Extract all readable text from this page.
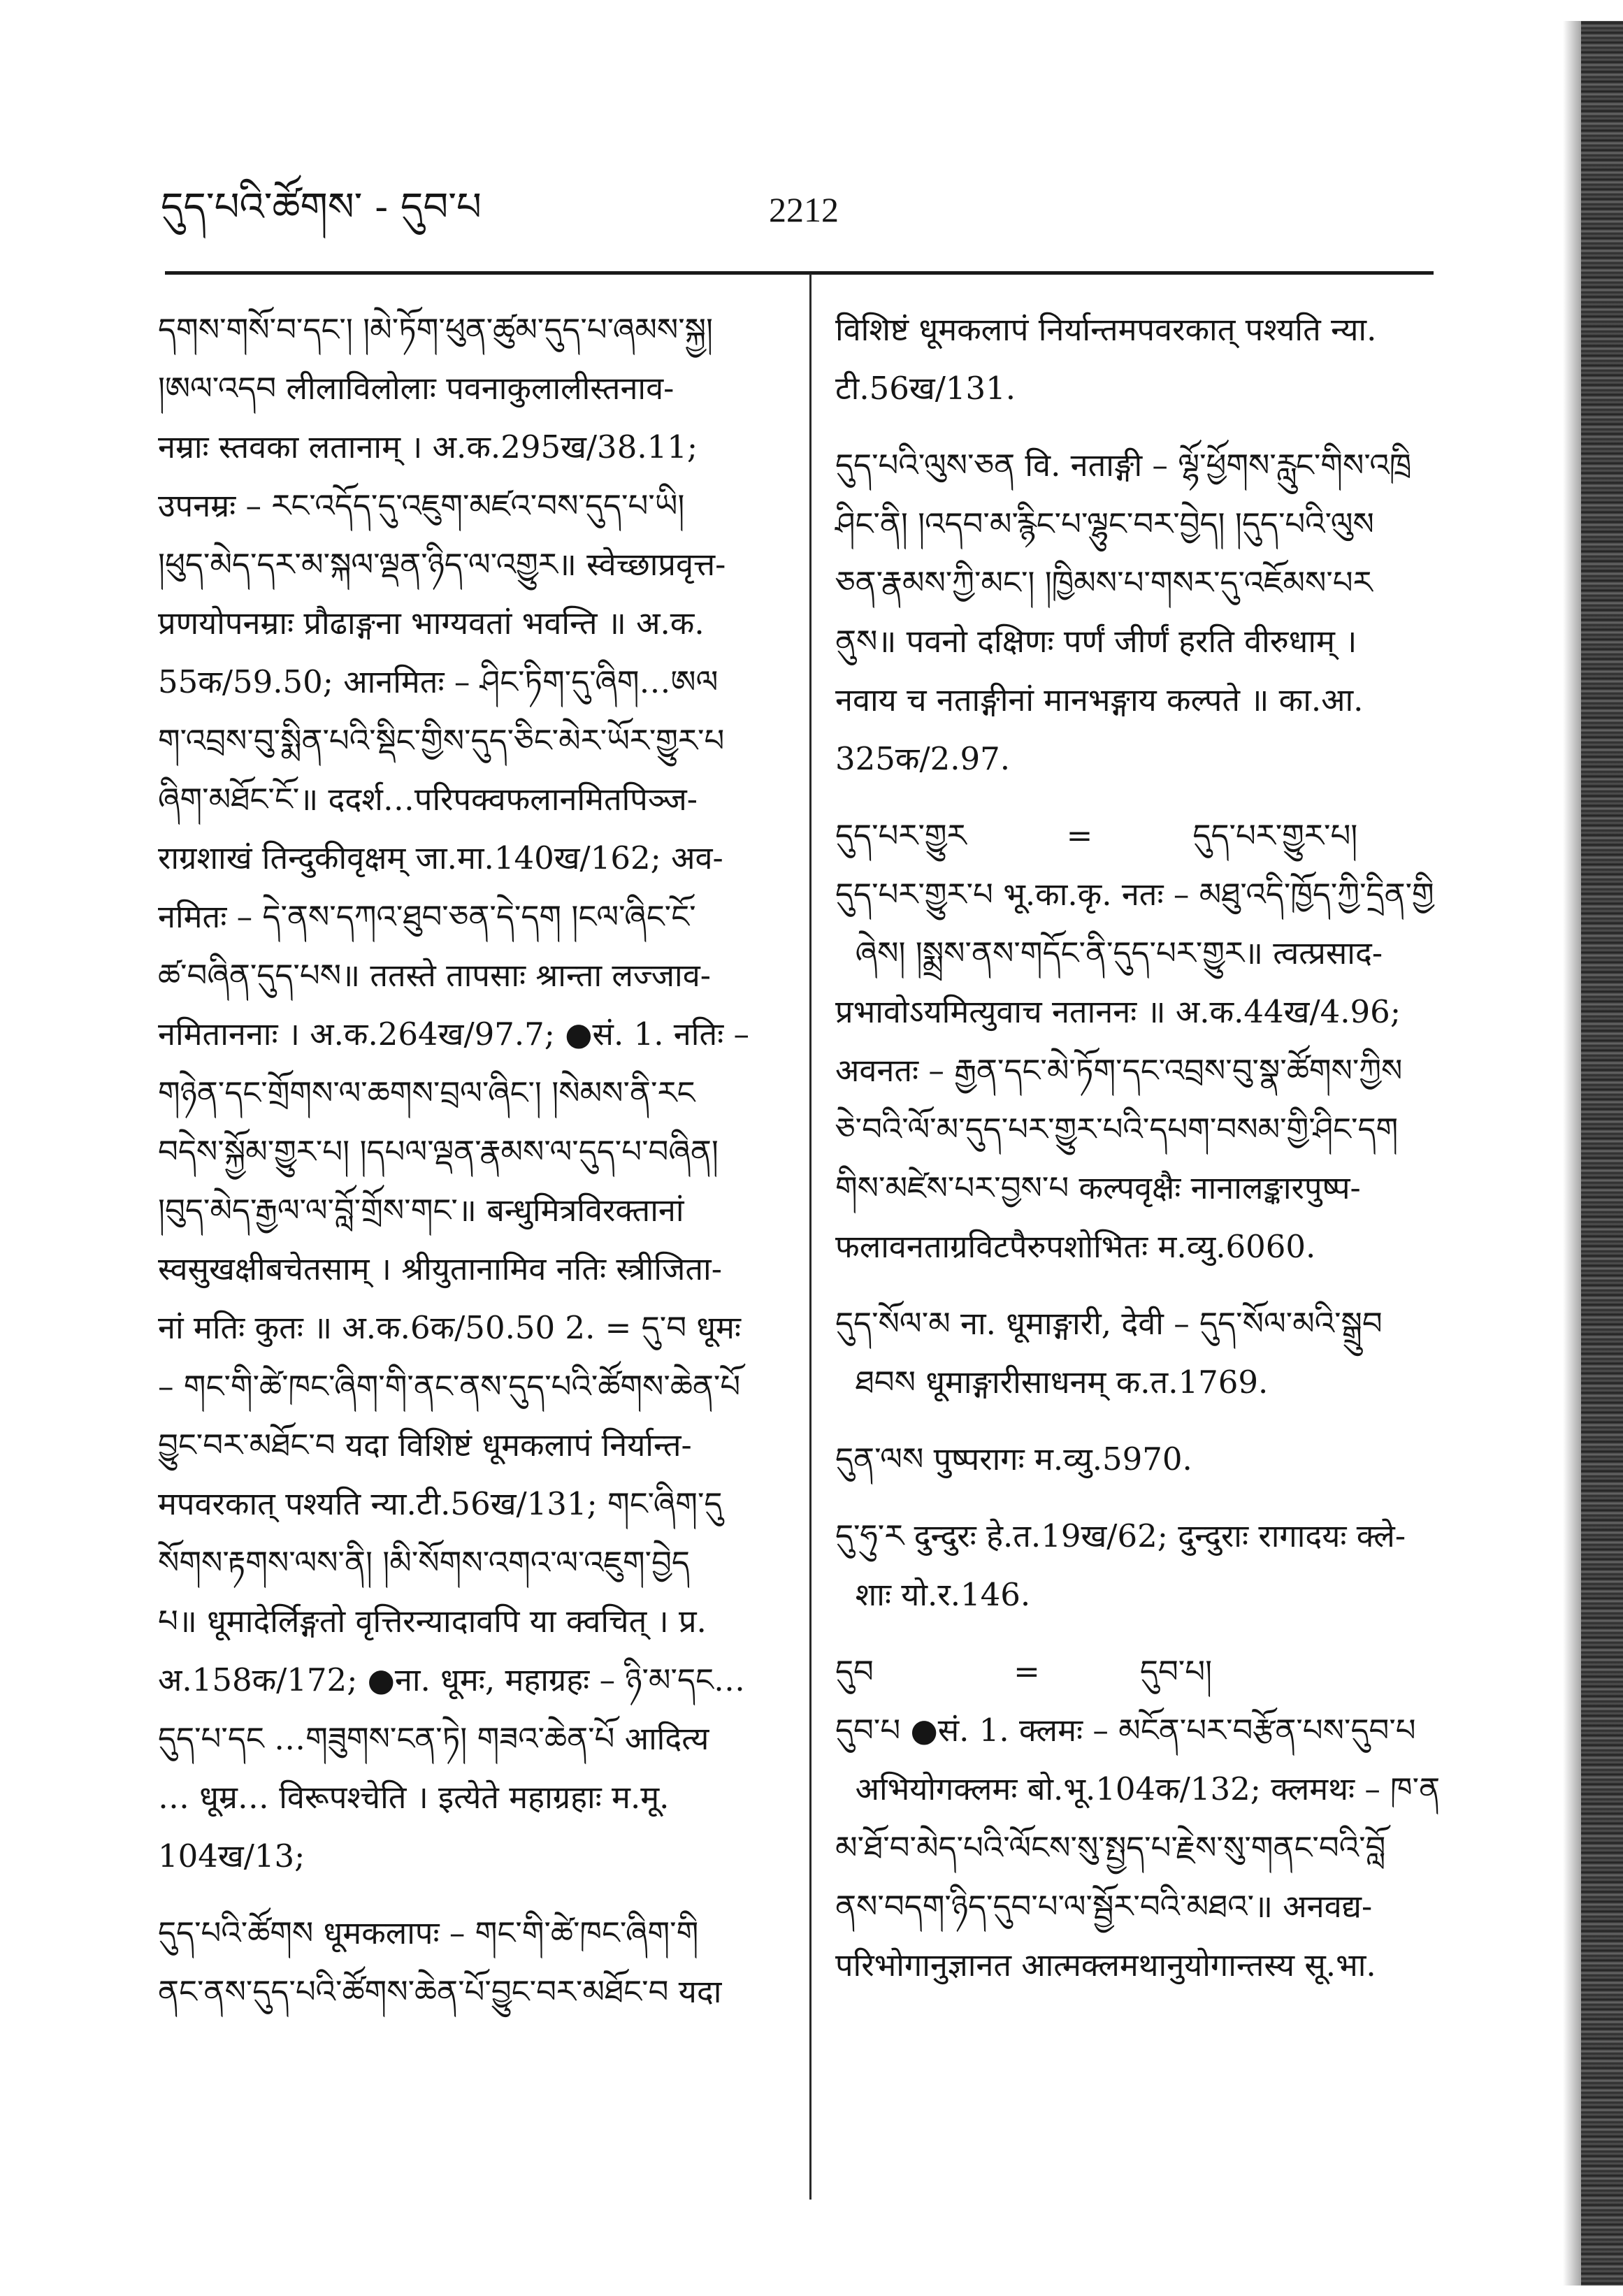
དུད་པའི་ཚོགས་ - དུབ་པ	2212
དགས་གསོ་བ་དང་། །མེ་ཏོག་ཕུན་ཚུམ་དུད་པ་ཞམས་སྐྱ།
།ཨལ་འདབ लीलाविलोलाः पवनाकुलालीस्तनाव-
नम्राः स्तवका लतानाम् । अ.क.295ख/38.11;
उपनम्रः – རང་འདོད་དུ་འཇུག་མཛའ་བས་དུད་པ་ཡི།
།ཕུད་མེད་དར་མ་སྐལ་ལྡན་ཉིད་ལ་འགྱུར॥ स्वेच्छाप्रवृत्त-
प्रणयोपनम्राः प्रौढाङ्गना भाग्यवतां भवन्ति ॥ अ.क.
55क/59.50; आनमितः – ཤིང་ཏིག་དུ་ཞིག…ཨལ
ག་འབྲས་བུ་སྨིན་པའི་སྡིང་གྱིས་དུད་ཅིང་མེར་ཡོར་གྱུར་པ
ཞིག་མཐོང་ངོ་॥ ददर्श…परिपक्वफलानमितपिञ्ज-
राग्रशाखं तिन्दुकीवृक्षम् जा.मा.140ख/162; अव-
नमितः – དེ་ནས་དཀའ་ཐུབ་ཅན་དེ་དག །ངལ་ཞིང་ངོ་
ཚ་བཞིན་དུད་པས॥ ततस्ते तापसाः श्रान्ता लज्जाव-
नमिताननाः । अ.क.264ख/97.7; ●सं. 1. नतिः –
གཉེན་དང་གྲོགས་ལ་ཆགས་བྲལ་ཞིང་། །སེམས་ནི་རང
བདེས་སྐྱོམ་གྱུར་པ། །དཔལ་ལྡན་རྣམས་ལ་དུད་པ་བཞིན།
།བུད་མེད་རྒྱལ་ལ་བློ་གྲོས་གང་॥ बन्धुमित्रविरक्तानां
स्वसुखक्षीबचेतसाम् । श्रीयुतानामिव नतिः स्त्रीजिता-
नां मतिः कुतः ॥ अ.क.6क/50.50 2. = དུ་བ धूमः
– གང་གི་ཚེ་ཁང་ཞིག་གི་ནང་ནས་དུད་པའི་ཚོགས་ཆེན་པོ
བྱུང་བར་མཐོང་བ यदा विशिष्टं धूमकलापं निर्यान्त-
मपवरकात् पश्यति न्या.टी.56ख/131; གང་ཞིག་དུ
སོགས་རྟགས་ལས་ནི། །མི་སོགས་འགའ་ལ་འཇུག་བྱེད
པ॥ धूमादेर्लिङ्गतो वृत्तिरन्यादावपि या क्वचित् । प्र.
अ.158क/172; ●ना. धूमः, महाग्रहः – ཉི་མ་དང…
དུད་པ་དང …གཟུགས་ངན་ཏེ། གཟའ་ཆེན་པོ आदित्य
… धूम्र… विरूपश्चेति । इत्येते महाग्रहाः म.मू.
104ख/13;
དུད་པའི་ཚོགས धूमकलापः – གང་གི་ཚེ་ཁང་ཞིག་གི
ནང་ནས་དུད་པའི་ཚོགས་ཆེན་པོ་བྱུང་བར་མཐོང་བ यदा
विशिष्टं धूमकलापं निर्यान्तमपवरकात् पश्यति न्या.
टी.56ख/131.
དུད་པའི་ལུས་ཅན वि. नताङ्गी – ལྷོ་ཕྱོགས་རླུང་གིས་འཁྲི
ཤིང་ནི། །འདབ་མ་རྙིང་པ་ལྷུང་བར་བྱེད། །དུད་པའི་ལུས
ཅན་རྣམས་ཀྱི་མང་། །ཁྱིམས་པ་གསར་དུ་འཇོམས་པར
ནུས॥ पवनो दक्षिणः पर्णं जीर्णं हरति वीरुधाम् ।
नवाय च नताङ्गीनां मानभङ्गाय कल्पते ॥ का.आ.
325क/2.97.
དུད་པར་གྱུར          =          དུད་པར་གྱུར་པ།
དུད་པར་གྱུར་པ भू.का.कृ. नतः – མཐུ་འདི་ཁྱོད་ཀྱི་དྲིན་གྱི
ཞེས། །སྨྲས་ནས་གདོང་ནི་དུད་པར་གྱུར॥ त्वत्प्रसाद-
प्रभावोऽयमित्युवाच नताननः ॥ अ.क.44ख/4.96;
अवनतः – རྒྱན་དང་མེ་ཏོག་དང་འབྲས་བུ་སྣ་ཚོགས་ཀྱིས
ཅེ་བའི་ལོ་མ་དུད་པར་གྱུར་པའི་དཔག་བསམ་གྱི་ཤིང་དག
གིས་མཛེས་པར་བྱས་པ कल्पवृक्षैः नानालङ्कारपुष्प-
फलावनताग्रविटपैरुपशोभितः म.व्यु.6060.
དུད་སོལ་མ ना. धूमाङ्गारी, देवी – དུད་སོལ་མའི་སྒྲུབ
ཐབས धूमाङ्गारीसाधनम् क.त.1769.
དུན་ལས पुष्परागः म.व्यु.5970.
དུ་ཧུ་ར दुन्दुरः हे.त.19ख/62; दुन्दुराः रागादयः क्ले-
शाः यो.र.146.
དུབ              =          དུབ་པ།
དུབ་པ ●सं. 1. क्लमः – མངོན་པར་བརྩོན་པས་དུབ་པ
अभियोगक्लमः बो.भू.104क/132; क्लमथः – ཁ་ན
མ་ཐོ་བ་མེད་པའི་ལོངས་སུ་སྤྱད་པ་རྗེས་སུ་གནང་བའི་བློ
ནས་བདག་ཉིད་དུབ་པ་ལ་སྦྱོར་བའི་མཐའ་॥ अनवद्य-
परिभोगानुज्ञानत आत्मक्लमथानुयोगान्तस्य सू.भा.
